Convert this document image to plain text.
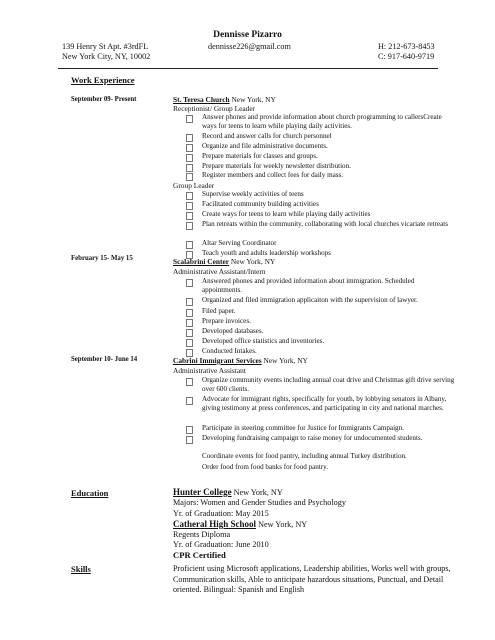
Dennisse Pizarro
139 Henry St Apt. #3rdFL
New York City, NY, 10002
dennisse226@gmail.com	H: 212-673-8453
C: 917-640-9719
Work Experience
September 09- Present	St. Teresa Church New York, NY
Receptionist/ Group Leader
Answer phones and provide information about church programming to callersCreate ways for teens to learn while playing daily activities.
Record and answer calls for church personnel
Organize and file administrative documents.
Prepare materials for classes and groups.
Prepare materials for weekly newsletter distribution.
Register members and collect fees for daily mass.
Group Leader
Supervise weekly activities of teens
Facilitated community building activities
Create ways for teens to learn while playing daily activities
Plan retreats within the community, collaborating with local churches vicariate retreats
Altar Serving Coordinator
Teach youth and adults leadership workshops
February 15- May 15	Scalabrini Center New York, NY
Administrative Assistant/Intern
Answered phones and provided information about immigration. Scheduled appointments.
Organized and filed immigration applicaiton with the supervision of lawyer.
Filed paper.
Prepare invoices.
Developed databases.
Developed office statistics and inventories.
Conducted Intakes.
September 10- June 14	Cabrini Immigrant Services New York, NY
Administrative Assistant
Organize community events including annual coat drive and Christmas gift drive serving over 600 clients.
Advocate for immigrant rights, specifically for youth, by lobbying senators in Albany, giving testimony at press conferences, and participating in city and national marches.
Participate in steering committee for Justice for Immigrants Campaign.
Developing fundraising campaign to raise money for undocumented students.
Coordinate events for food pantry, including annual Turkey distribution.
Order food from food banks for food pantry.
Education	Hunter College New York, NY
Majors: Women and Gender Studies and Psychology
Yr. of Graduation: May 2015
Catheral High School New York, NY
Regents Diploma
Yr. of Graduation: June 2010
CPR Certified
Skills	Proficient using Microsoft applications, Leadership abilities, Works well with groups, Communication skills, Able to anticipate hazardous situations, Punctual, and Detail oriented. Bilingual: Spanish and English
